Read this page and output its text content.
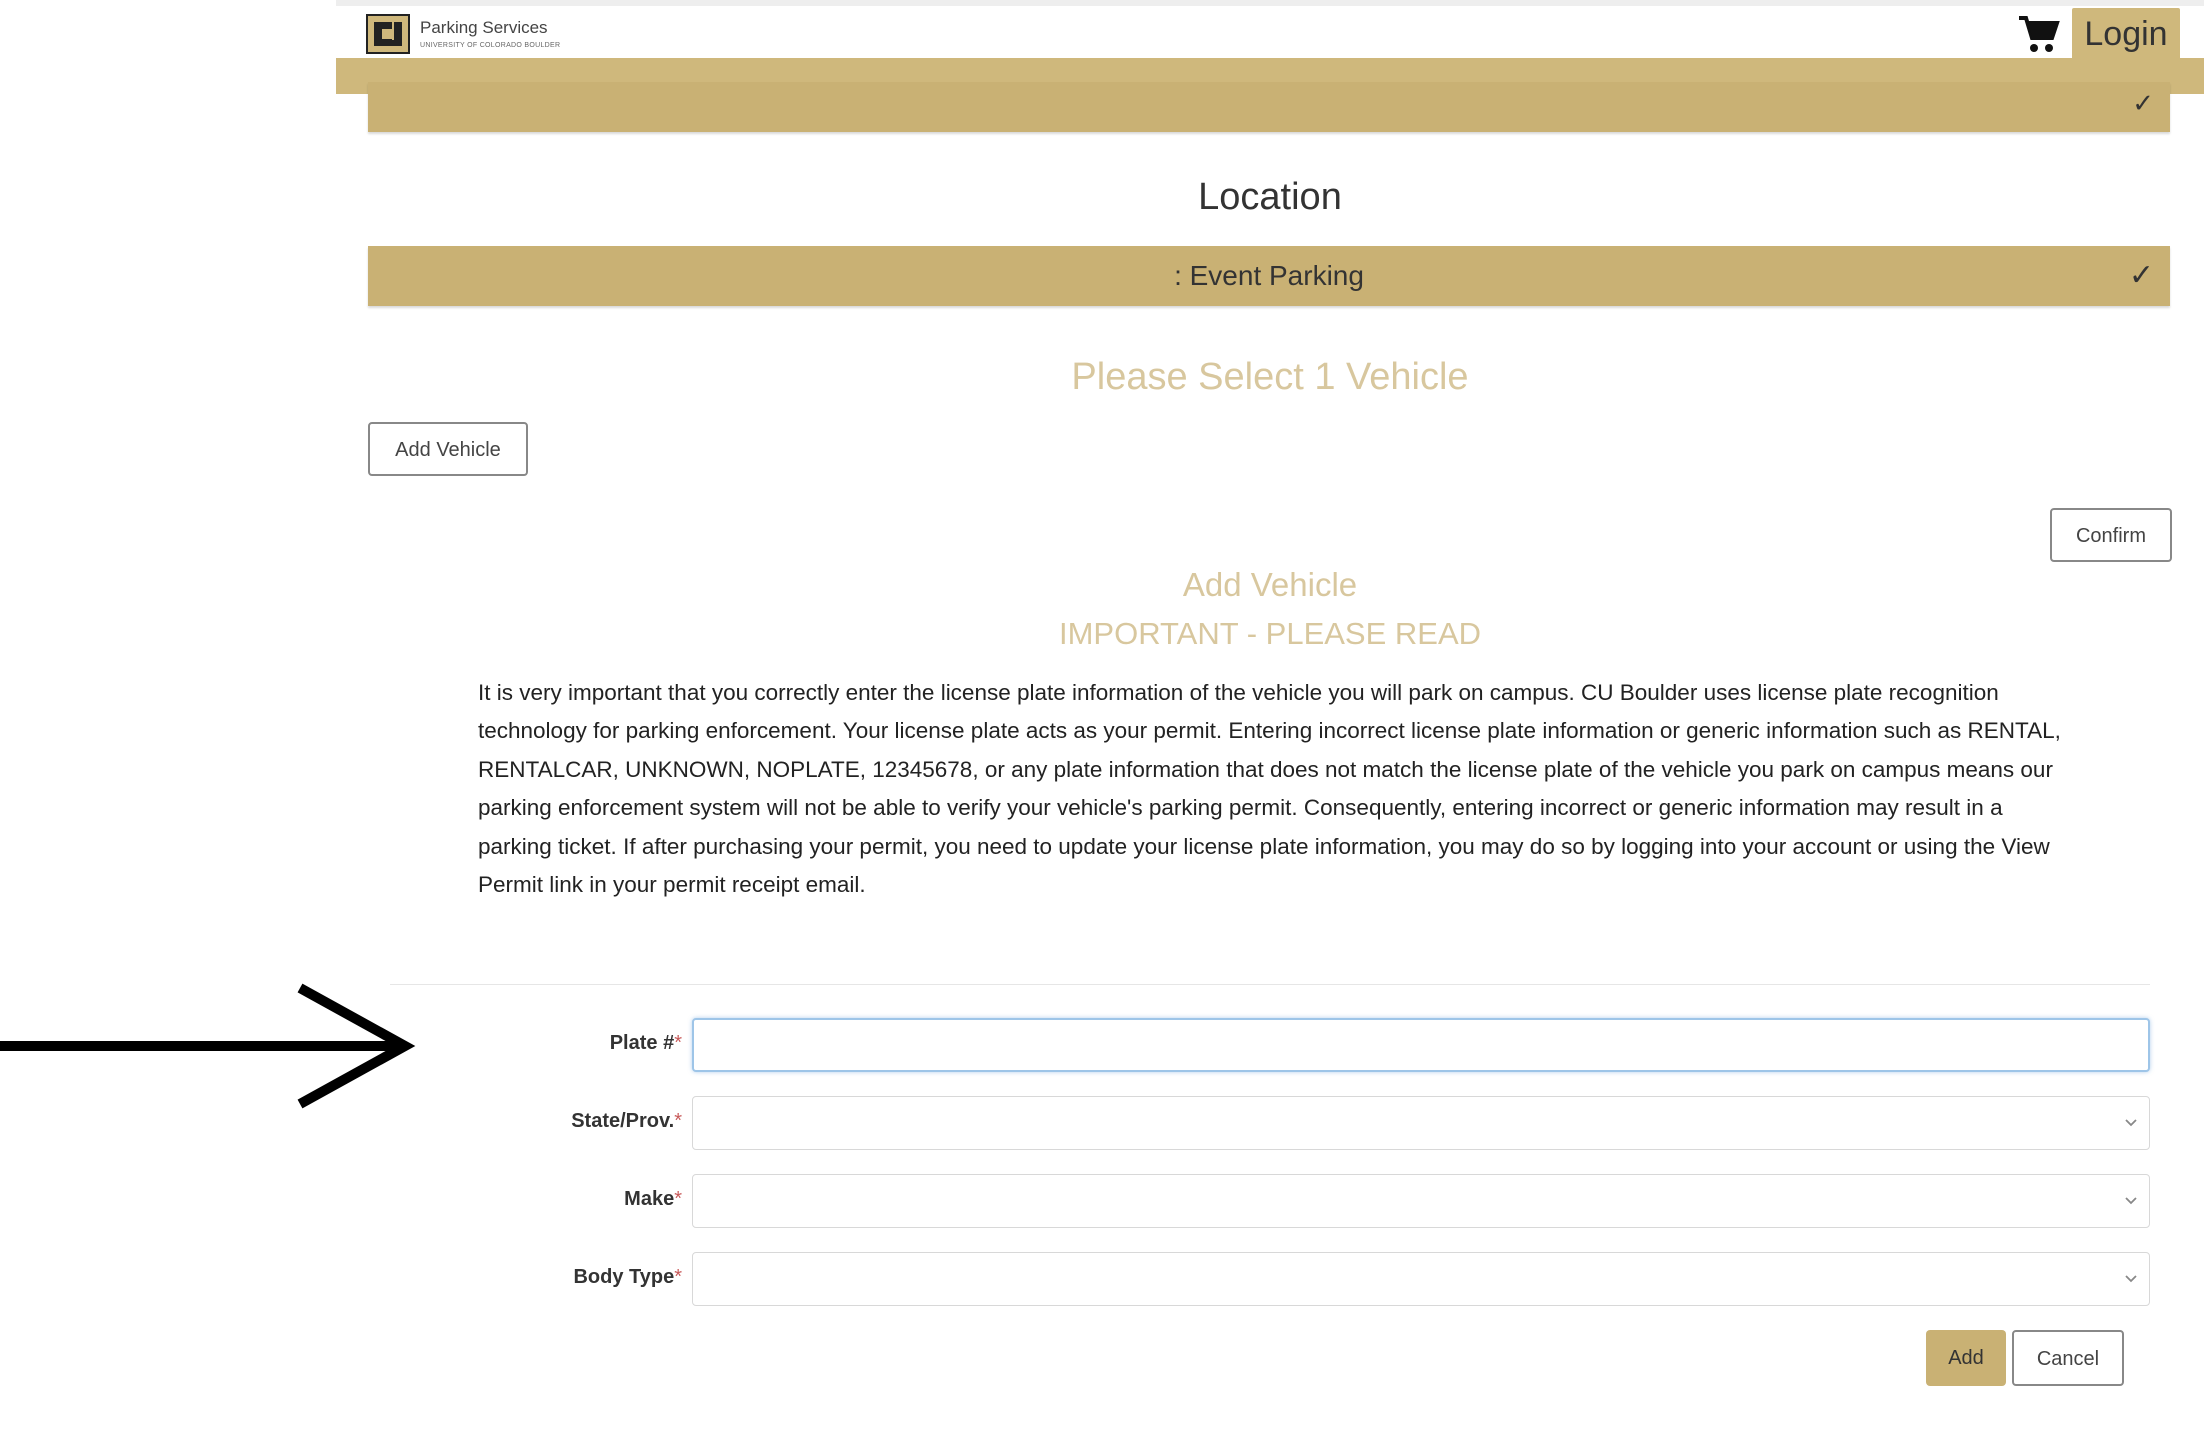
Parking Services
UNIVERSITY OF COLORADO BOULDER	Login
✓
Location
: Event Parking	✓
Please Select 1 Vehicle
Add Vehicle
Confirm
Add Vehicle
IMPORTANT - PLEASE READ

It is very important that you correctly enter the license plate information of the vehicle you will park on campus. CU Boulder uses license plate recognition technology for parking enforcement. Your license plate acts as your permit. Entering incorrect license plate information or generic information such as RENTAL, RENTALCAR, UNKNOWN, NOPLATE, 12345678, or any plate information that does not match the license plate of the vehicle you park on campus means our parking enforcement system will not be able to verify your vehicle's parking permit. Consequently, entering incorrect or generic information may result in a parking ticket. If after purchasing your permit, you need to update your license plate information, you may do so by logging into your account or using the View Permit link in your permit receipt email.

Plate #*
State/Prov.*
Make*
Body Type*
Add	Cancel
